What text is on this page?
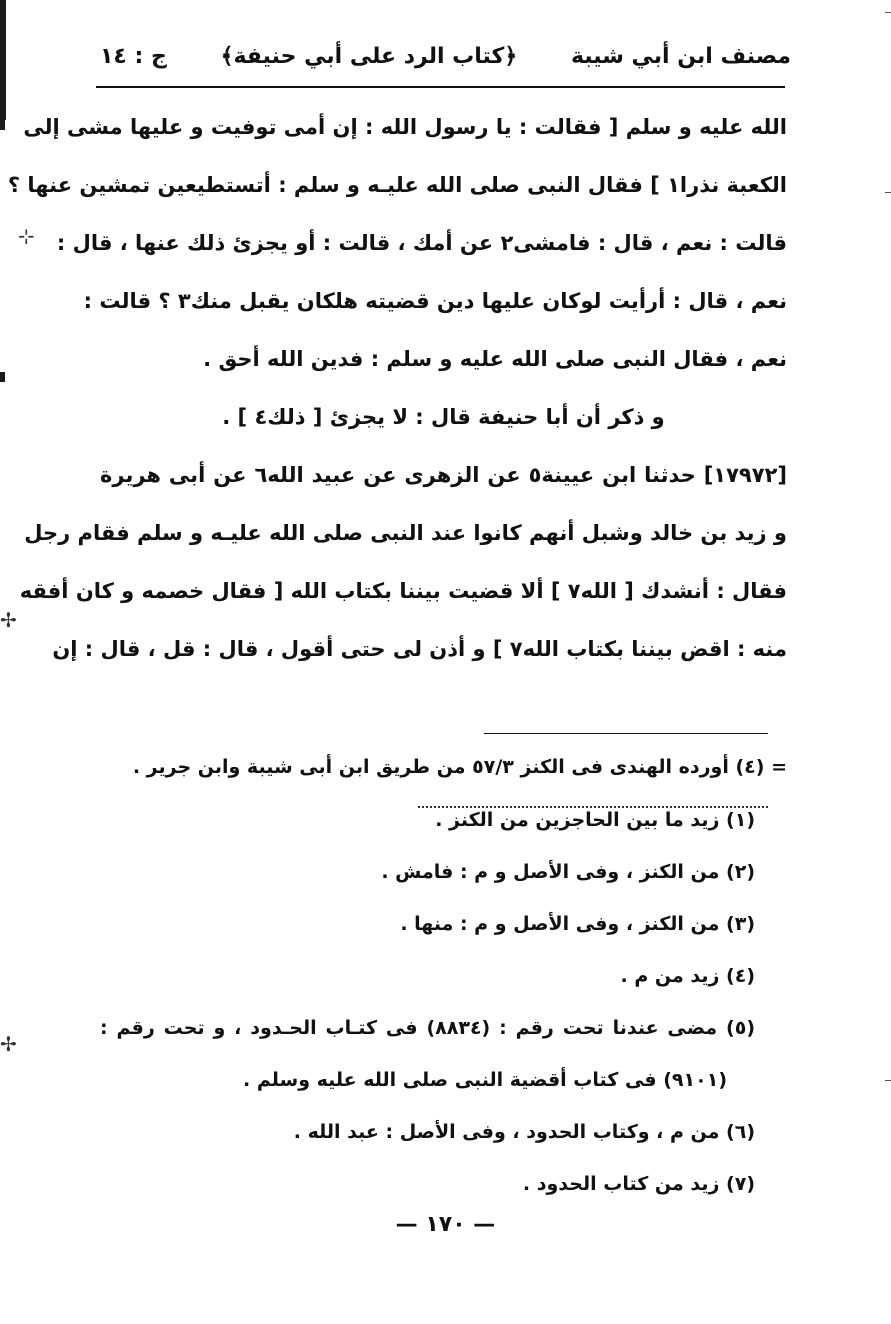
⊹
✢
✢
مصنف ابن أبي شيبة
﴿كتاب الرد على أبي حنيفة﴾
ج : ١٤
الله عليه و سلم [ فقالت : يا رسول الله : إن أمى توفيت و عليها مشى إلى
الكعبة نذرا١ ] فقال النبى صلى الله عليـه و سلم : أتستطيعين تمشين عنها ؟
قالت : نعم ، قال : فامشى٢ عن أمك ، قالت : أو يجزئ ذلك عنها ، قال :
نعم ، قال : أرأيت لوكان عليها دين قضيته هلكان يقبل منك٣ ؟ قالت :
نعم ، فقال النبى صلى الله عليه و سلم : فدين الله أحق .
و ذكر أن أبا حنيفة قال : لا يجزئ [ ذلك٤ ] .
[١٧٩٧٢] حدثنا ابن عيينة٥ عن الزهرى عن عبيد الله٦ عن أبى هريرة
و زيد بن خالد وشبل أنهم كانوا عند النبى صلى الله عليـه و سلم فقام رجل
فقال : أنشدك [ الله٧ ] ألا قضيت بيننا بكتاب الله [ فقال خصمه و كان أفقه
منه : اقض بيننا بكتاب الله٧ ] و أذن لى حتى أقول ، قال : قل ، قال : إن
= (٤) أورده الهندى فى الكنز ٥٧/٣ من طريق ابن أبى شيبة وابن جرير .
(١) زيد ما بين الحاجزين من الكنز .
(٢) من الكنز ، وفى الأصل و م : فامش .
(٣) من الكنز ، وفى الأصل و م : منها .
(٤) زيد من م .
(٥) مضى عندنا تحت رقم : (٨٨٣٤) فى كتـاب الحـدود ، و تحت رقم :
(٩١٠١) فى كتاب أقضية النبى صلى الله عليه وسلم .
(٦) من م ، وكتاب الحدود ، وفى الأصل : عبد الله .
(٧) زيد من كتاب الحدود .
— ١٧٠ —
